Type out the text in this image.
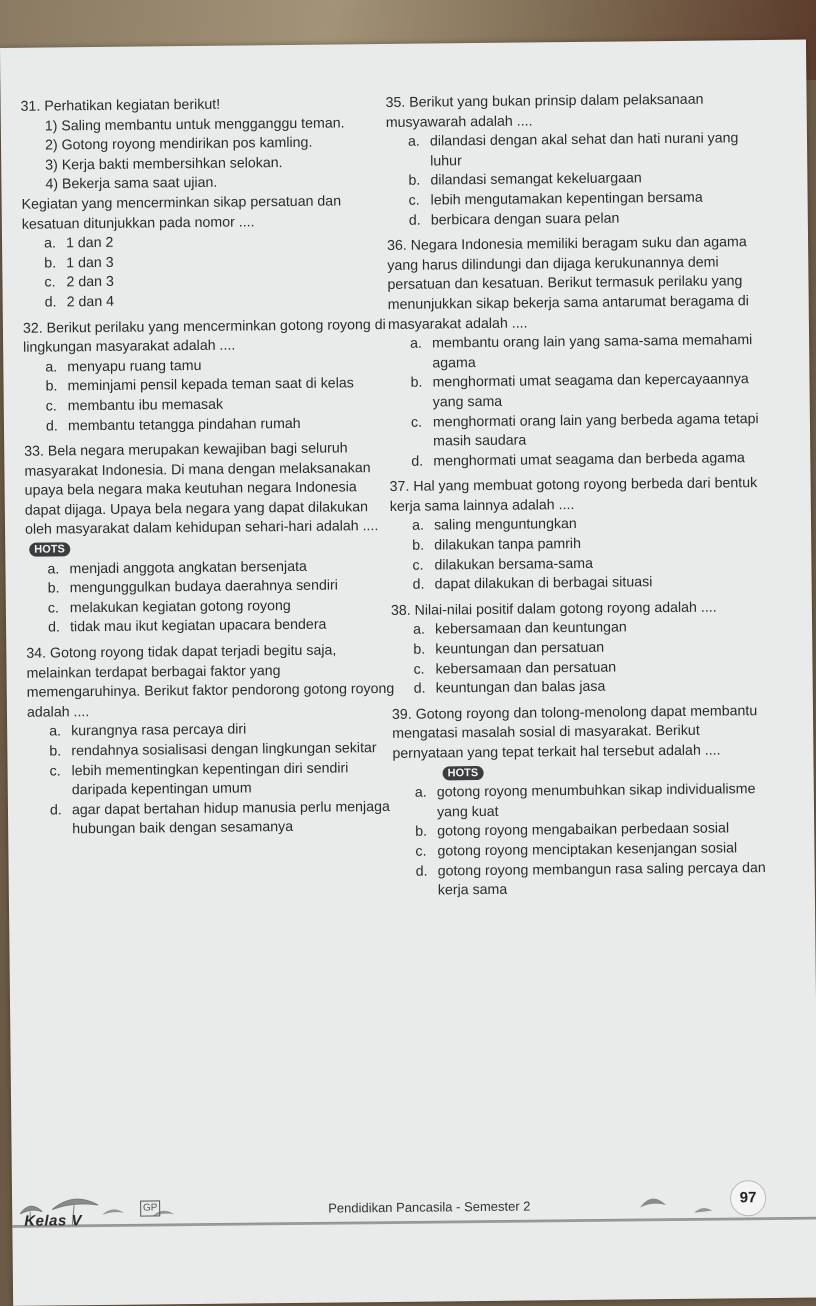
31. Perhatikan kegiatan berikut!
1) Saling membantu untuk mengganggu teman.
2) Gotong royong mendirikan pos kamling.
3) Kerja bakti membersihkan selokan.
4) Bekerja sama saat ujian.
Kegiatan yang mencerminkan sikap persatuan dan kesatuan ditunjukkan pada nomor ....
a. 1 dan 2
b. 1 dan 3
c. 2 dan 3
d. 2 dan 4
32. Berikut perilaku yang mencerminkan gotong royong di lingkungan masyarakat adalah ....
a. menyapu ruang tamu
b. meminjami pensil kepada teman saat di kelas
c. membantu ibu memasak
d. membantu tetangga pindahan rumah
33. Bela negara merupakan kewajiban bagi seluruh masyarakat Indonesia. Di mana dengan melaksanakan upaya bela negara maka keutuhan negara Indonesia dapat dijaga. Upaya bela negara yang dapat dilakukan oleh masyarakat dalam kehidupan sehari-hari adalah ....HOTS
a. menjadi anggota angkatan bersenjata
b. mengunggulkan budaya daerahnya sendiri
c. melakukan kegiatan gotong royong
d. tidak mau ikut kegiatan upacara bendera
34. Gotong royong tidak dapat terjadi begitu saja, melainkan terdapat berbagai faktor yang memengaruhinya. Berikut faktor pendorong gotong royong adalah ....
a. kurangnya rasa percaya diri
b. rendahnya sosialisasi dengan lingkungan sekitar
c. lebih mementingkan kepentingan diri sendiri daripada kepentingan umum
d. agar dapat bertahan hidup manusia perlu menjaga hubungan baik dengan sesamanya
35. Berikut yang bukan prinsip dalam pelaksanaan musyawarah adalah ....
a. dilandasi dengan akal sehat dan hati nurani yang luhur
b. dilandasi semangat kekeluargaan
c. lebih mengutamakan kepentingan bersama
d. berbicara dengan suara pelan
36. Negara Indonesia memiliki beragam suku dan agama yang harus dilindungi dan dijaga kerukunannya demi persatuan dan kesatuan. Berikut termasuk perilaku yang menunjukkan sikap bekerja sama antarumat beragama di masyarakat adalah ....
a. membantu orang lain yang sama-sama memahami agama
b. menghormati umat seagama dan kepercayaannya yang sama
c. menghormati orang lain yang berbeda agama tetapi masih saudara
d. menghormati umat seagama dan berbeda agama
37. Hal yang membuat gotong royong berbeda dari bentuk kerja sama lainnya adalah ....
a. saling menguntungkan
b. dilakukan tanpa pamrih
c. dilakukan bersama-sama
d. dapat dilakukan di berbagai situasi
38. Nilai-nilai positif dalam gotong royong adalah ....
a. kebersamaan dan keuntungan
b. keuntungan dan persatuan
c. kebersamaan dan persatuan
d. keuntungan dan balas jasa
39. Gotong royong dan tolong-menolong dapat membantu mengatasi masalah sosial di masyarakat. Berikut pernyataan yang tepat terkait hal tersebut adalah ....
HOTS
a. gotong royong menumbuhkan sikap individualisme yang kuat
b. gotong royong mengabaikan perbedaan sosial
c. gotong royong menciptakan kesenjangan sosial
d. gotong royong membangun rasa saling percaya dan kerja sama
Kelas V
GP	Pendidikan Pancasila - Semester 2
97
